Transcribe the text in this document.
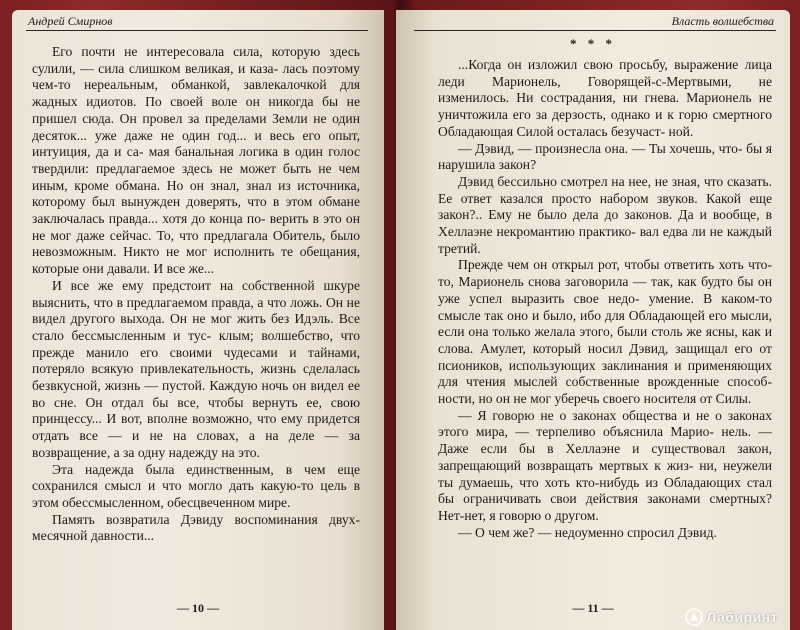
Андрей Смирнов

Его почти не интересовала сила, которую здесь сулили, — сила слишком великая, и каза- лась поэтому чем-то нереальным, обманкой, завлекалочкой для жадных идиотов. По своей воле он никогда бы не пришел сюда. Он провел за пределами Земли не один десяток... уже даже не один год... и весь его опыт, интуиция, да и са- мая банальная логика в один голос твердили: предлагаемое здесь не может быть не чем иным, кроме обмана. Но он знал, знал из источника, которому был вынужден доверять, что в этом обмане заключалась правда... хотя до конца по- верить в это он не мог даже сейчас. То, что предлагала Обитель, было невозможным. Никто не мог исполнить те обещания, которые они давали. И все же...

И все же ему предстоит на собственной шкуре выяснить, что в предлагаемом правда, а что ложь. Он не видел другого выхода. Он не мог жить без Идэль. Все стало бессмысленным и тус- клым; волшебство, что прежде манило его своими чудесами и тайнами, потеряло всякую привлекательность, жизнь сделалась безвкусной, жизнь — пустой. Каждую ночь он видел ее во сне. Он отдал бы все, чтобы вернуть ее, свою принцессу... И вот, вполне возможно, что ему придется отдать все — и не на словах, а на деле — за возвращение, а за одну надежду на это.

Эта надежда была единственным, в чем еще сохранился смысл и что могло дать какую-то цель в этом обессмысленном, обесцвеченном мире.

Память возвратила Дэвиду воспоминания двух- месячной давности...

— 10 —
Власть волшебства
* * *

...Когда он изложил свою просьбу, выражение лица леди Марионель, Говорящей-с-Мертвыми, не изменилось. Ни сострадания, ни гнева. Марионель не уничтожила его за дерзость, однако и к горю смертного Обладающая Силой осталась безучаст- ной.

— Дэвид, — произнесла она. — Ты хочешь, что- бы я нарушила закон?

Дэвид бессильно смотрел на нее, не зная, что сказать. Ее ответ казался просто набором звуков. Какой еще закон?.. Ему не было дела до законов. Да и вообще, в Хеллаэне некромантию практико- вал едва ли не каждый третий.

Прежде чем он открыл рот, чтобы ответить хоть что-то, Марионель снова заговорила — так, как будто бы он уже успел выразить свое недо- умение. В каком-то смысле так оно и было, ибо для Обладающей его мысли, если она только желала этого, были столь же ясны, как и слова. Амулет, который носил Дэвид, защищал его от псиоников, использующих заклинания и применяющих для чтения мыслей собственные врожденные способ- ности, но он не мог уберечь своего носителя от Силы.

— Я говорю не о законах общества и не о законах этого мира, — терпеливо объяснила Марио- нель. — Даже если бы в Хеллаэне и существовал закон, запрещающий возвращать мертвых к жиз- ни, неужели ты думаешь, что хоть кто-нибудь из Обладающих стал бы ограничивать свои действия законами смертных? Нет-нет, я говорю о другом.

— О чем же? — недоуменно спросил Дэвид.

— 11 —
Лабиринт
